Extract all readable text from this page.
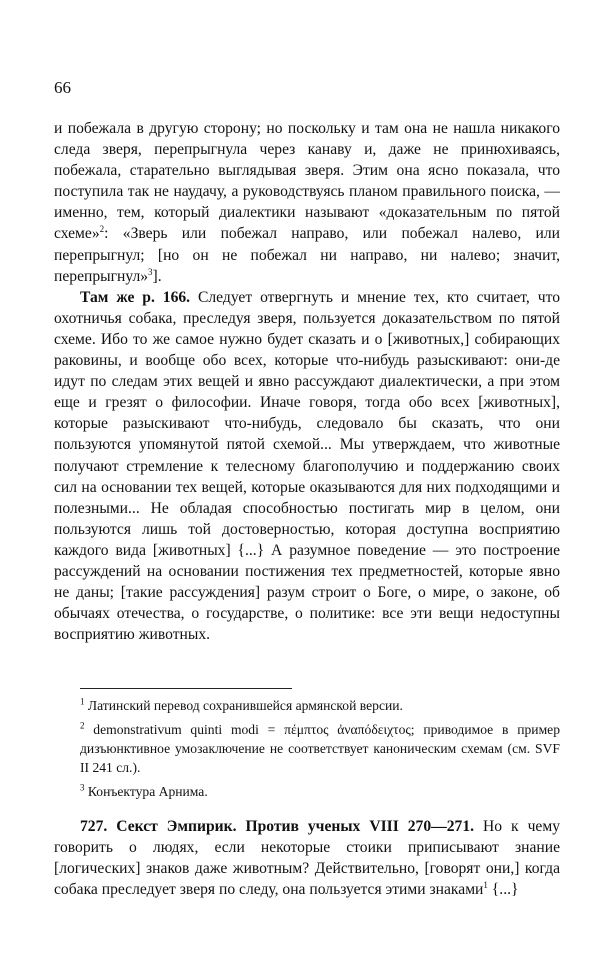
66

и побежала в другую сторону; но поскольку и там она не нашла никакого следа зверя, перепрыгнула через канаву и, даже не принюхиваясь, побежала, старательно выглядывая зверя. Этим она ясно показала, что поступила так не наудачу, а руководствуясь планом правильного поиска, — именно, тем, который диалектики называют «доказательным по пятой схеме»$^2$: «Зверь или побежал направо, или побежал налево, или перепрыгнул; [но он не побежал ни направо, ни налево; значит, перепрыгнул»$^3$].

Там же р. 166. Следует отвергнуть и мнение тех, кто считает, что охотничья собака, преследуя зверя, пользуется доказательством по пятой схеме. Ибо то же самое нужно будет сказать и о [животных,] собирающих раковины, и вообще обо всех, которые что-нибудь разыскивают: они-де идут по следам этих вещей и явно рассуждают диалектически, а при этом еще и грезят о философии. Иначе говоря, тогда обо всех [животных], которые разыскивают что-нибудь, следовало бы сказать, что они пользуются упомянутой пятой схемой... Мы утверждаем, что животные получают стремление к телесному благополучию и поддержанию своих сил на основании тех вещей, которые оказываются для них подходящими и полезными... Не обладая способностью постигать мир в целом, они пользуются лишь той достоверностью, которая доступна восприятию каждого вида [животных] {...} А разумное поведение — это построение рассуждений на основании постижения тех предметностей, которые явно не даны; [такие рассуждения] разум строит о Боге, о мире, о законе, об обычаях отечества, о государстве, о политике: все эти вещи недоступны восприятию животных.

$^1$ Латинский перевод сохранившейся армянской версии.

$^2$ demonstrativum quinti modi = πέμπτος ἀναπόδειχτος; приводимое в пример дизъюнктивное умозаключение не соответствует каноническим схемам (см. SVF II 241 сл.).

$^3$ Конъектура Арнима.

727. Секст Эмпирик. Против ученых VIII 270—271. Но к чему говорить о людях, если некоторые стоики приписывают знание [логических] знаков даже животным? Действительно, [говорят они,] когда собака преследует зверя по следу, она пользуется этими знаками$^1$ {...}
